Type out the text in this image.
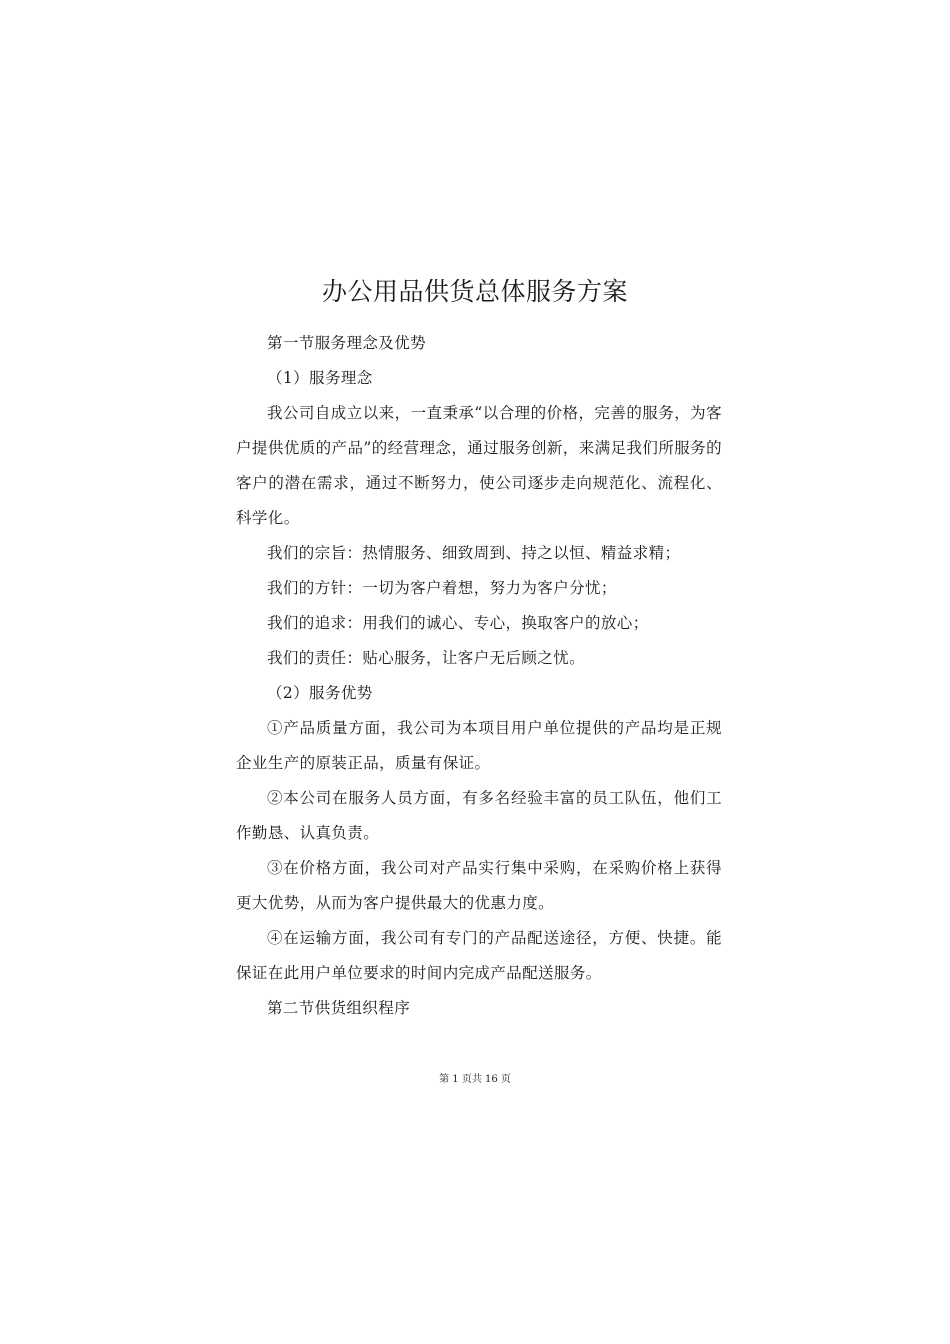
办公用品供货总体服务方案

第一节服务理念及优势

（1）服务理念

我公司自成立以来，一直秉承“以合理的价格，完善的服务，为客户提供优质的产品”的经营理念，通过服务创新，来满足我们所服务的客户的潜在需求，通过不断努力，使公司逐步走向规范化、流程化、科学化。

我们的宗旨：热情服务、细致周到、持之以恒、精益求精；

我们的方针：一切为客户着想，努力为客户分忧；

我们的追求：用我们的诚心、专心，换取客户的放心；

我们的责任：贴心服务，让客户无后顾之忧。

（2）服务优势

①产品质量方面，我公司为本项目用户单位提供的产品均是正规企业生产的原装正品，质量有保证。

②本公司在服务人员方面，有多名经验丰富的员工队伍，他们工作勤恳、认真负责。

③在价格方面，我公司对产品实行集中采购，在采购价格上获得更大优势，从而为客户提供最大的优惠力度。

④在运输方面，我公司有专门的产品配送途径，方便、快捷。能保证在此用户单位要求的时间内完成产品配送服务。

第二节供货组织程序

第 1 页共 16 页
